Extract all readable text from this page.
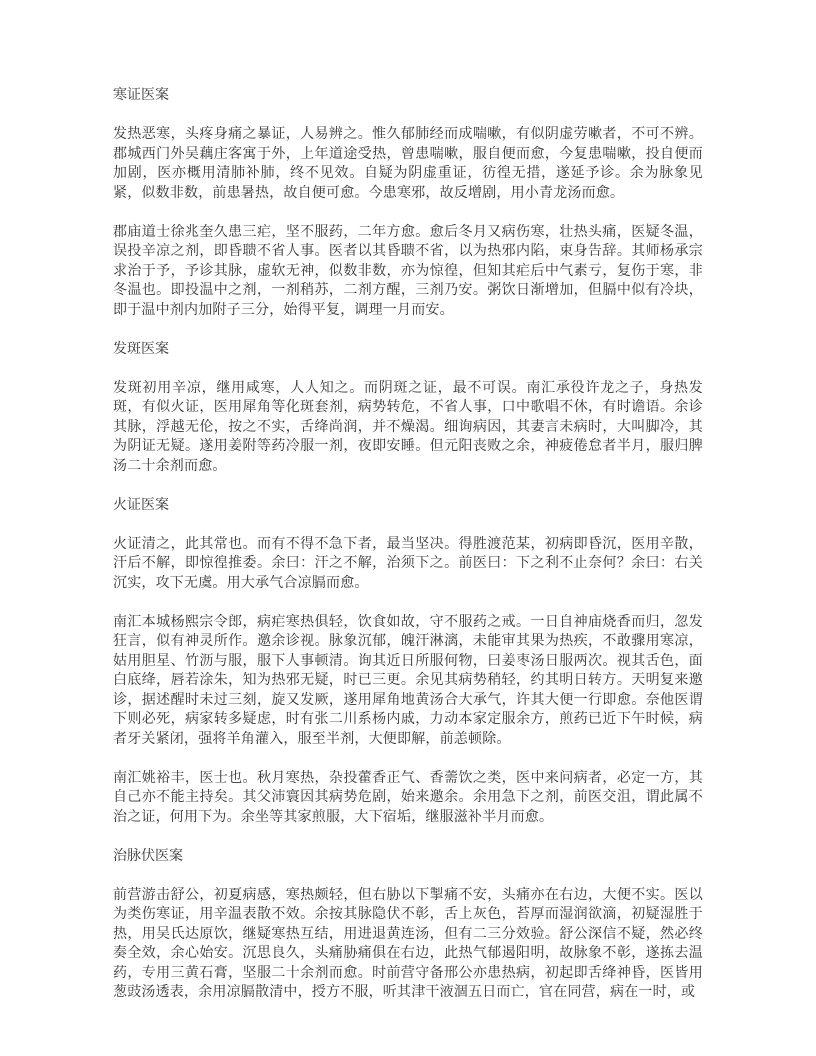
寒证医案

发热恶寒，头疼身痛之暴证，人易辨之。惟久郁肺经而成喘嗽，有似阴虚劳嗽者，不可不辨。郡城西门外吴藕庄客寓于外，上年道途受热，曾患喘嗽，服自便而愈，今复患喘嗽，投自便而加剧，医亦概用清肺补肺，终不见效。自疑为阴虚重证，彷徨无措，遂延予诊。余为脉象见紧，似数非数，前患暑热，故自便可愈。今患寒邪，故反增剧，用小青龙汤而愈。

郡庙道士徐兆奎久患三疟，坚不服药，二年方愈。愈后冬月又病伤寒，壮热头痛，医疑冬温，误投辛凉之剂，即昏聩不省人事。医者以其昏聩不省，以为热邪内陷，束身告辞。其师杨承宗求治于予，予诊其脉，虚软无神，似数非数，亦为惊徨，但知其疟后中气素亏，复伤于寒，非冬温也。即投温中之剂，一剂稍苏，二剂方醒，三剂乃安。粥饮日渐增加，但膈中似有冷块，即于温中剂内加附子三分，始得平复，调理一月而安。

发斑医案

发斑初用辛凉，继用咸寒，人人知之。而阴斑之证，最不可误。南汇承役许龙之子，身热发斑，有似火证，医用犀角等化斑套剂，病势转危，不省人事，口中歌唱不休，有时谵语。余诊其脉，浮越无伦，按之不实，舌绛尚润，并不燥渴。细询病因，其妻言未病时，大叫脚冷，其为阴证无疑。遂用姜附等药冷服一剂，夜即安睡。但元阳丧败之余，神疲倦怠者半月，服归脾汤二十余剂而愈。

火证医案

火证清之，此其常也。而有不得不急下者，最当坚决。得胜渡范某，初病即昏沉，医用辛散，汗后不解，即惊徨推委。余曰：汗之不解，治须下之。前医曰：下之利不止奈何？余曰：右关沉实，攻下无虞。用大承气合凉膈而愈。

南汇本城杨熙宗令郎，病疟寒热俱轻，饮食如故，守不服药之戒。一日自神庙烧香而归，忽发狂言，似有神灵所作。邀余诊视。脉象沉郁，魄汗淋漓，未能审其果为热疾，不敢骤用寒凉，姑用胆星、竹沥与服，服下人事顿清。询其近日所服何物，曰姜枣汤日服两次。视其舌色，面白底绛，唇若涂朱，知为热邪无疑，时已三更。余见其病势稍轻，约其明日转方。天明复来邀诊，据述醒时未过三刻，旋又发厥，遂用犀角地黄汤合大承气，许其大便一行即愈。奈他医谓下则必死，病家转多疑虑，时有张二川系杨内戚，力动本家定服余方，煎药已近下午时候，病者牙关紧闭，强将羊角灌入，服至半剂，大便即解，前恙顿除。

南汇姚裕丰，医士也。秋月寒热，杂投藿香正气、香薷饮之类，医中来问病者，必定一方，其自己亦不能主持矣。其父沛寰因其病势危剧，始来邀余。余用急下之剂，前医交沮，谓此属不治之证，何用下为。余坐等其家煎服，大下宿垢，继服滋补半月而愈。

治脉伏医案

前营游击舒公，初夏病感，寒热颇轻，但右胁以下掣痛不安，头痛亦在右边，大便不实。医以为类伤寒证，用辛温表散不效。余按其脉隐伏不彰，舌上灰色，苔厚而湿润欲滴，初疑湿胜于热，用吴氏达原饮，继疑寒热互结，用进退黄连汤，但有二三分效验。舒公深信不疑，然必终奏全效，余心始安。沉思良久，头痛胁痛俱在右边，此热气郁遏阳明，故脉象不彰，遂拣去温药，专用三黄石膏，坚服二十余剂而愈。时前营守备邢公亦患热病，初起即舌绛神昏，医皆用葱豉汤透表，余用凉膈散清中，授方不服，听其津干液涸五日而亡，官在同营，病在一时，或
